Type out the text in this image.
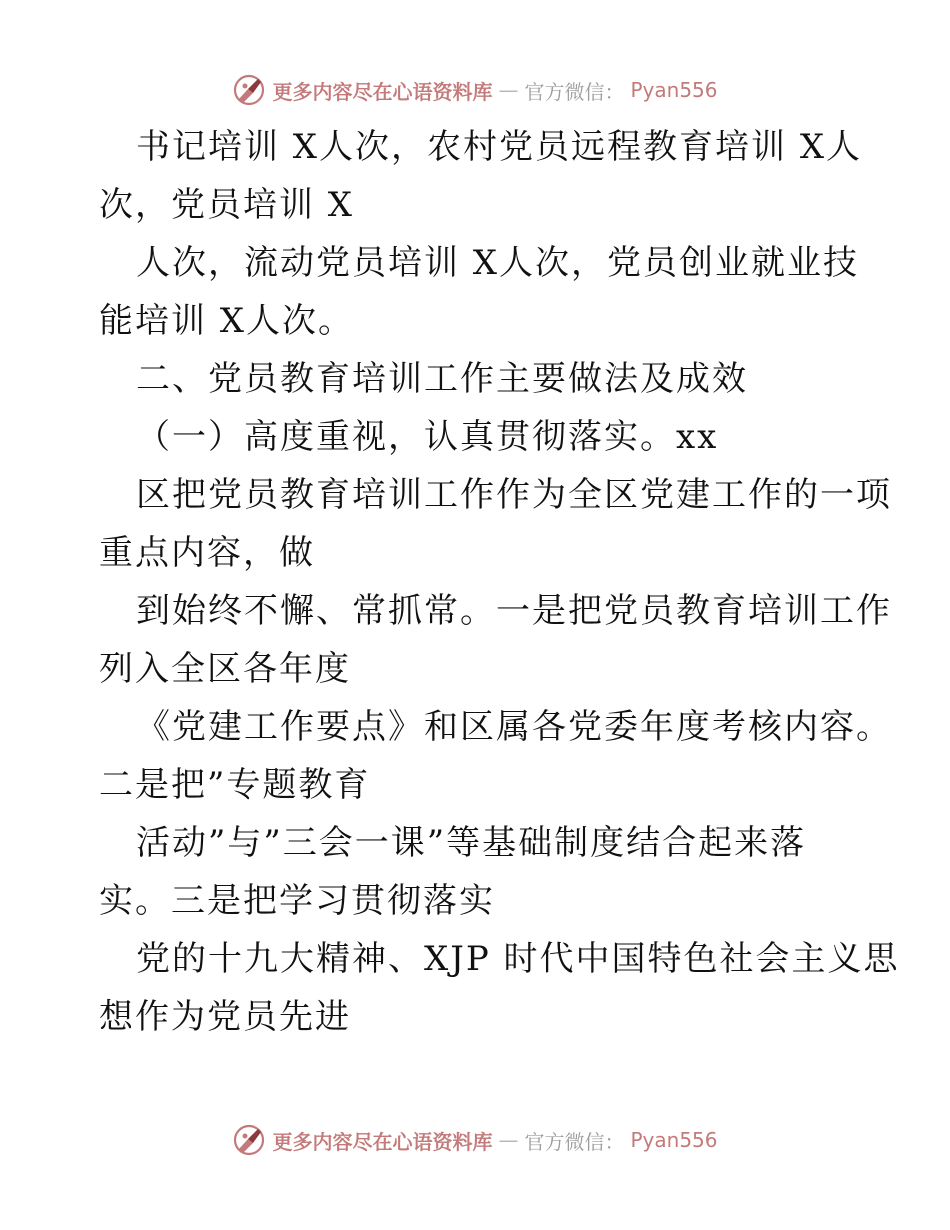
更多内容尽在心语资料库 — 官方微信： Pyan556
书记培训 X人次，农村党员远程教育培训 X人
次，党员培训 X
人次，流动党员培训 X人次，党员创业就业技
能培训 X人次。
二、党员教育培训工作主要做法及成效
（一）高度重视，认真贯彻落实。xx
区把党员教育培训工作作为全区党建工作的一项
重点内容，做
到始终不懈、常抓常。一是把党员教育培训工作
列入全区各年度
《党建工作要点》和区属各党委年度考核内容。
二是把”专题教育
活动”与”三会一课”等基础制度结合起来落
实。三是把学习贯彻落实
党的十九大精神、XJP 时代中国特色社会主义思
想作为党员先进
更多内容尽在心语资料库 — 官方微信： Pyan556
